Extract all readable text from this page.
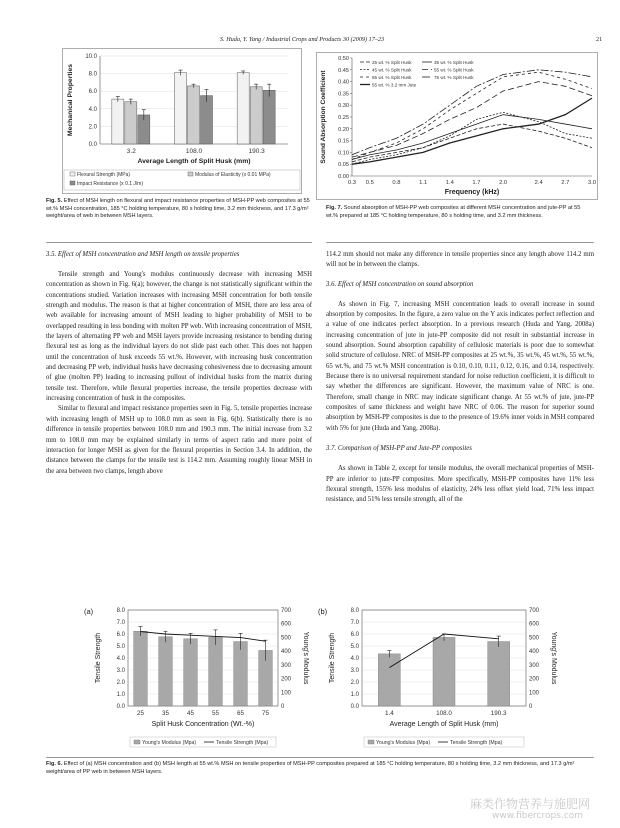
S. Huda, Y. Yang / Industrial Crops and Products 30 (2009) 17–23	21
0.0
2.0
4.0
6.0
8.0
10.0
3.2	108.0	190.3
Average Length of Split Husk (mm)
Mechanical Properties
Flexural Strength (MPa)	Modulus of Elasticity (x 0.01 MPa)
Impact Resistance (x 0.1 J/m)
Fig. 5. Effect of MSH length on flexural and impact resistance properties of MSH-PP web composites at 55 wt.% MSH concentration, 185 °C holding temperature, 80 s holding time, 3.2 mm thickness, and 17.3 g/m² weight/area of web in between MSH layers.
0.00
0.05
0.10
0.15
0.20
0.25
0.30
0.35
0.40
0.45
0.50
0.3 0.5	0.8	1.1	1.4	1.7	2.0	2.4	2.7	3.0
Frequency (kHz)
Sound Absorption Coefficient
25 wt. % Split Husk	35 wt. % Split Husk
45 wt. % Split Husk	55 wt. % Split Husk
65 wt. % Split Husk	75 wt. % Split Husk
55 wt. % 3.2 mm Jute
Fig. 7. Sound absorption of MSH-PP web composites at different MSH concentration and jute-PP at 55 wt.% prepared at 185 °C holding temperature, 80 s holding time, and 3.2 mm thickness.
3.5. Effect of MSH concentration and MSH length on tensile properties

Tensile strength and Young's modulus continuously decrease with increasing MSH concentration as shown in Fig. 6(a); however, the change is not statistically significant within the concentrations studied. Variation increases with increasing MSH concentration for both tensile strength and modulus. The reason is that at higher concentration of MSH, there are less area of web available for increasing amount of MSH leading to higher probability of MSH to be overlapped resulting in less bonding with molten PP web. With increasing concentration of MSH, the layers of alternating PP web and MSH layers provide increasing resistance to bending during flexural test as long as the individual layers do not slide past each other. This does not happen until the concentration of husk exceeds 55 wt.%. However, with increasing husk concentration and decreasing PP web, individual husks have decreasing cohesiveness due to decreasing amount of glue (molten PP) leading to increasing pullout of individual husks from the matrix during tensile test. Therefore, while flexural properties increase, the tensile properties decrease with increasing concentration of husk in the composites.

Similar to flexural and impact resistance properties seen in Fig. 5, tensile properties increase with increasing length of MSH up to 108.0 mm as seen in Fig. 6(b). Statistically there is no difference in tensile properties between 108.0 mm and 190.3 mm. The initial increase from 3.2 mm to 108.0 mm may be explained similarly in terms of aspect ratio and more point of interaction for longer MSH as given for the flexural properties in Section 3.4. In addition, the distance between the clamps for the tensile test is 114.2 mm. Assuming roughly linear MSH in the area between two clamps, length above

114.2 mm should not make any difference in tensile properties since any length above 114.2 mm will not be in between the clamps.

3.6. Effect of MSH concentration on sound absorption

As shown in Fig. 7, increasing MSH concentration leads to overall increase in sound absorption by composites. In the figure, a zero value on the Y axis indicates perfect reflection and a value of one indicates perfect absorption. In a previous research (Huda and Yang, 2008a) increasing concentration of jute in jute-PP composite did not result in substantial increase in sound absorption. Sound absorption capability of cellulosic materials is poor due to somewhat solid structure of cellulose. NRC of MSH-PP composites at 25 wt.%, 35 wt.%, 45 wt.%, 55 wt.%, 65 wt.%, and 75 wt.% MSH concentration is 0.10, 0.10, 0.11, 0.12, 0.16, and 0.14, respectively. Because there is no universal requirement standard for noise reduction coefficient, it is difficult to say whether the differences are significant. However, the maximum value of NRC is one. Therefore, small change in NRC may indicate significant change. At 55 wt.% of jute, jute-PP composites of same thickness and weight have NRC of 0.06. The reason for superior sound absorption by MSH-PP composites is due to the presence of 19.6% inner voids in MSH compared with 5% for jute (Huda and Yang, 2008a).

3.7. Comparison of MSH-PP and Jute-PP composites

As shown in Table 2, except for tensile modulus, the overall mechanical properties of MSH-PP are inferior to jute-PP composites. More specifically, MSH-PP composites have 11% less flexural strength, 155% less modulus of elasticity, 24% less offset yield load, 71% less impact resistance, and 51% less tensile strength, all of the

(a)
0.0
1.0
2.0
3.0
4.0
5.0
6.0
7.0
8.0
0
100
200
300
400
500
600
700
25	35	45	55	65	75
Split Husk Concentration (Wt.-%)
Tensile Strength	Young's Modulus
Young's Modulus (Mpa)	Tensile Strength (Mpa)
(b)
0.0
1.0
2.0
3.0
4.0
5.0
6.0
7.0
8.0
0
100
200
300
400
500
600
700
1.4	108.0	190.3
Average Length of Split Husk (mm)
Tensile Strength	Young's Modulus
Young's Modulus (Mpa)	Tensile Strength (Mpa)
Fig. 6. Effect of (a) MSH concentration and (b) MSH length at 55 wt.% MSH on tensile properties of MSH-PP composites prepared at 185 °C holding temperature, 80 s holding time, 3.2 mm thickness, and 17.3 g/m² weight/area of PP web in between MSH layers.
麻类作物营养与施肥网
www.fibercrops.com
